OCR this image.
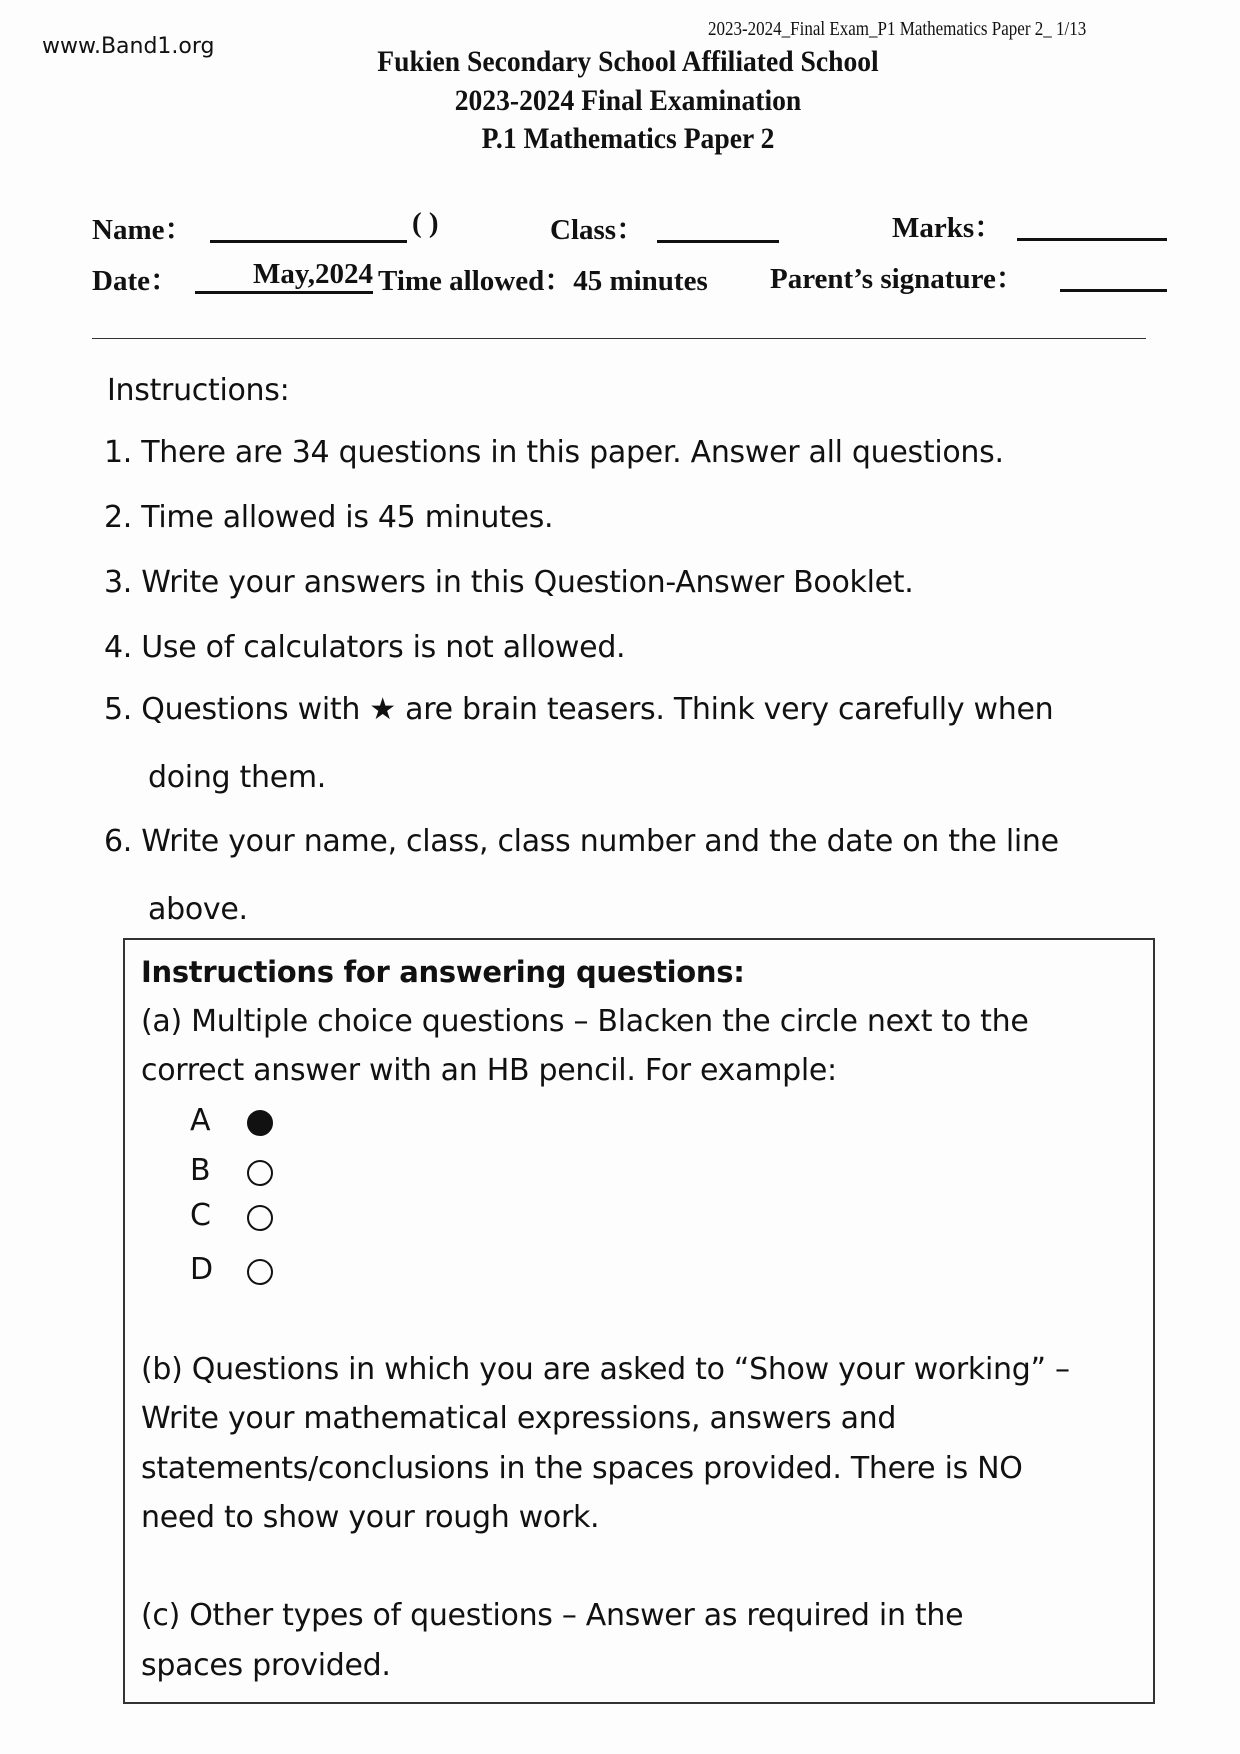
www.Band1.org
2023-2024_Final Exam_P1 Mathematics Paper 2_ 1/13
Fukien Secondary School Affiliated School
2023-2024 Final Examination
P.1 Mathematics Paper 2
Name：	( )	Class：	Marks：
Date：	May,2024 Time allowed：45 minutes Parent’s signature：
Instructions:
1. There are 34 questions in this paper. Answer all questions.
2. Time allowed is 45 minutes.
3. Write your answers in this Question-Answer Booklet.
4. Use of calculators is not allowed.
5. Questions with ★ are brain teasers. Think very carefully when
doing them.
6. Write your name, class, class number and the date on the line
above.
Instructions for answering questions:
(a) Multiple choice questions – Blacken the circle next to the
correct answer with an HB pencil. For example:
A
B
C
D
(b) Questions in which you are asked to “Show your working” –
Write your mathematical expressions, answers and
statements/conclusions in the spaces provided. There is NO
need to show your rough work.
(c) Other types of questions – Answer as required in the
spaces provided.
